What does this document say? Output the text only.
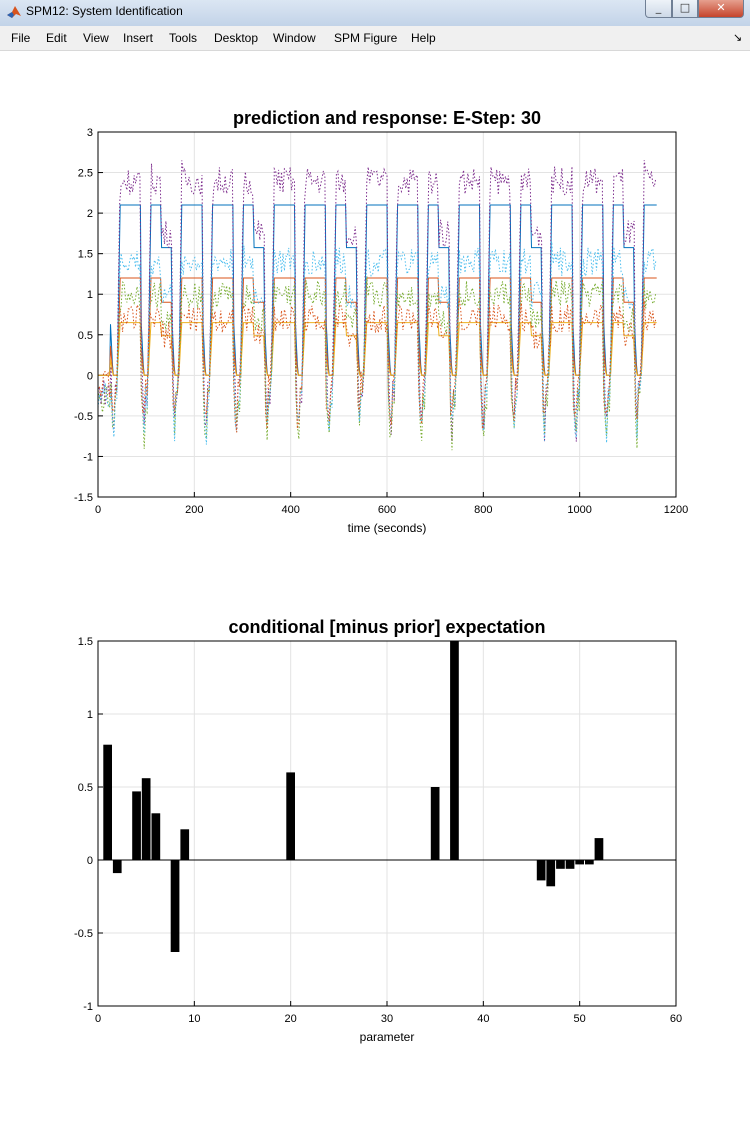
SPM12: System Identification	_	□	✕
File Edit View Insert Tools Desktop Window SPM Figure Help	↘
0	200	400	600	800	1000	1200
-1.5
-1
-0.5
0
0.5
1
1.5
2
2.5
3
prediction and response: E-Step: 30
time (seconds)
0	10	20	30	40	50	60
-1
-0.5
0
0.5
1
1.5
conditional [minus prior] expectation
parameter
